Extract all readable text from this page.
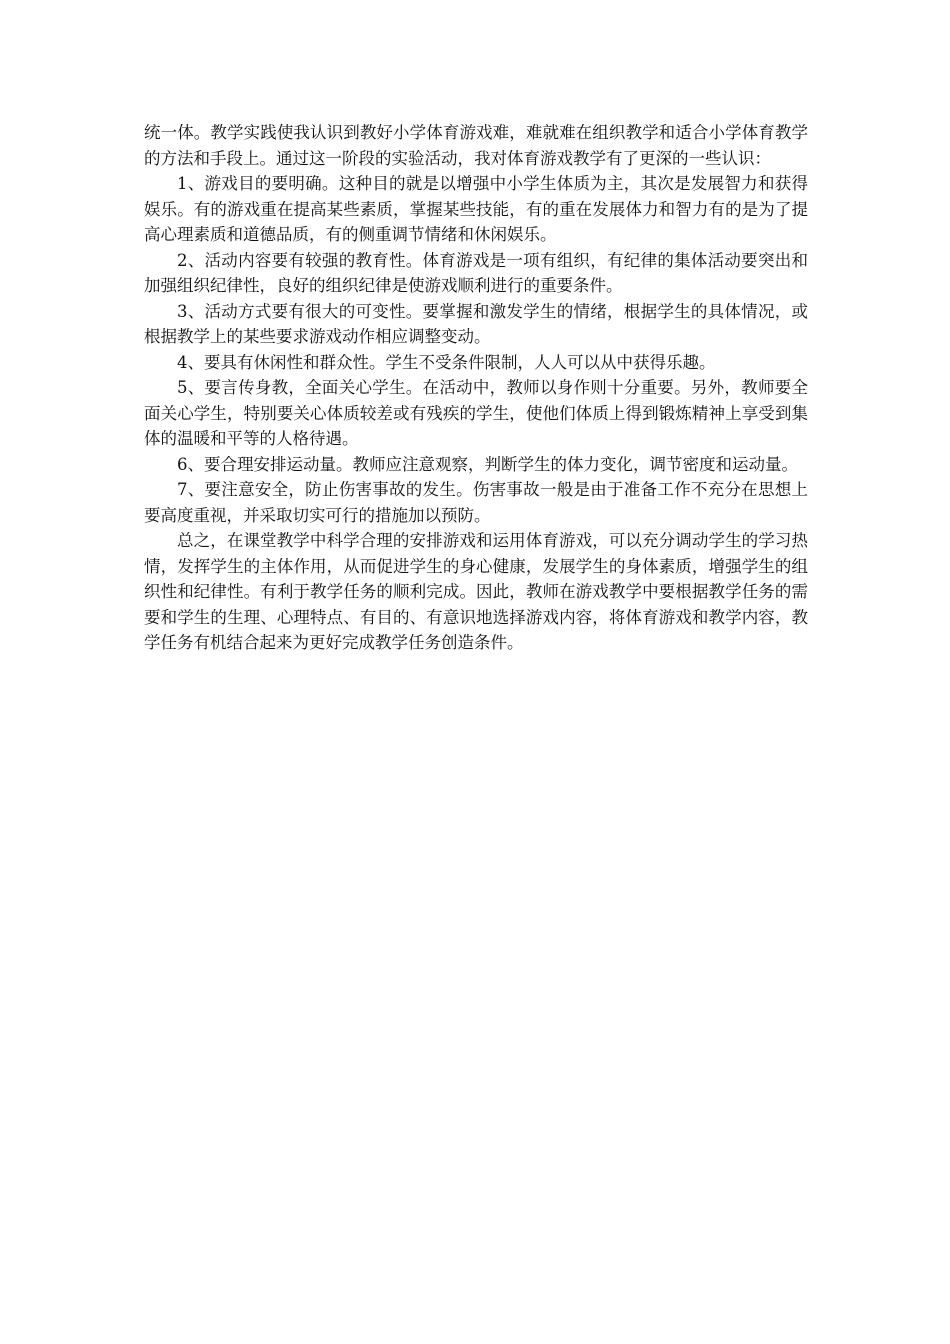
统一体。教学实践使我认识到教好小学体育游戏难，难就难在组织教学和适合小学体育教学的方法和手段上。通过这一阶段的实验活动，我对体育游戏教学有了更深的一些认识：

1、游戏目的要明确。这种目的就是以增强中小学生体质为主，其次是发展智力和获得娱乐。有的游戏重在提高某些素质，掌握某些技能，有的重在发展体力和智力有的是为了提高心理素质和道德品质，有的侧重调节情绪和休闲娱乐。

2、活动内容要有较强的教育性。体育游戏是一项有组织，有纪律的集体活动要突出和加强组织纪律性，良好的组织纪律是使游戏顺利进行的重要条件。

3、活动方式要有很大的可变性。要掌握和激发学生的情绪，根据学生的具体情况，或根据教学上的某些要求游戏动作相应调整变动。

4、要具有休闲性和群众性。学生不受条件限制，人人可以从中获得乐趣。

5、要言传身教，全面关心学生。在活动中，教师以身作则十分重要。另外，教师要全面关心学生，特别要关心体质较差或有残疾的学生，使他们体质上得到锻炼精神上享受到集体的温暖和平等的人格待遇。

6、要合理安排运动量。教师应注意观察，判断学生的体力变化，调节密度和运动量。

7、要注意安全，防止伤害事故的发生。伤害事故一般是由于准备工作不充分在思想上要高度重视，并采取切实可行的措施加以预防。

总之，在课堂教学中科学合理的安排游戏和运用体育游戏，可以充分调动学生的学习热情，发挥学生的主体作用，从而促进学生的身心健康，发展学生的身体素质，增强学生的组织性和纪律性。有利于教学任务的顺利完成。因此，教师在游戏教学中要根据教学任务的需要和学生的生理、心理特点、有目的、有意识地选择游戏内容，将体育游戏和教学内容，教学任务有机结合起来为更好完成教学任务创造条件。
